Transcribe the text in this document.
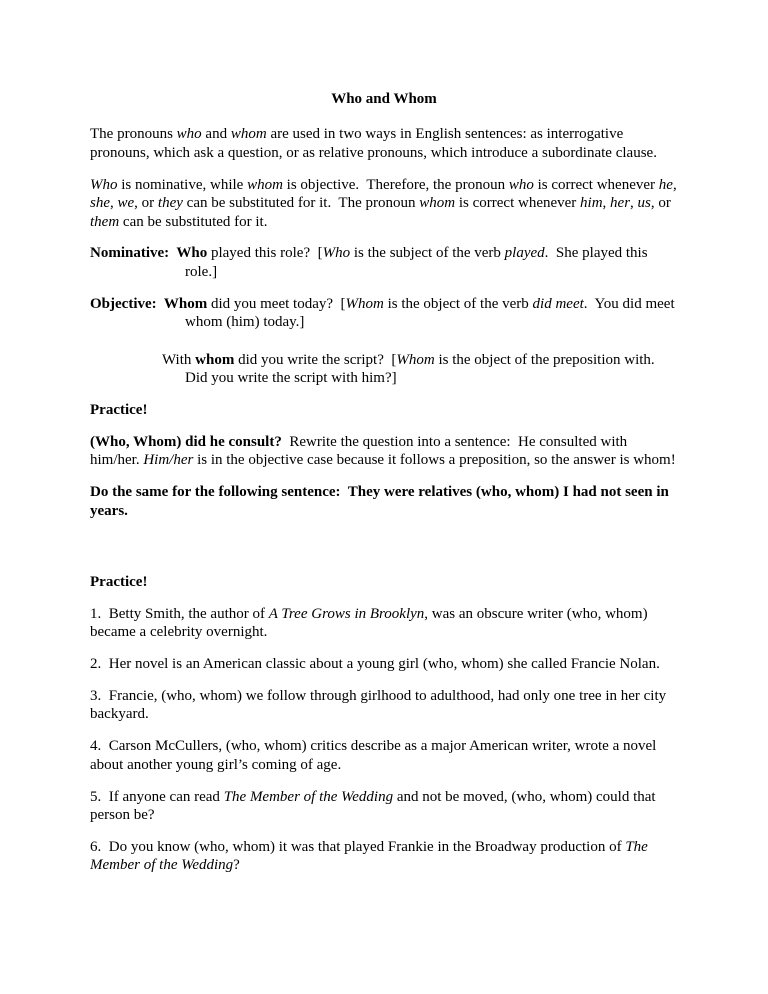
Who and Whom

The pronouns who and whom are used in two ways in English sentences: as interrogative pronouns, which ask a question, or as relative pronouns, which introduce a subordinate clause.

Who is nominative, while whom is objective.  Therefore, the pronoun who is correct whenever he, she, we, or they can be substituted for it.  The pronoun whom is correct whenever him, her, us, or them can be substituted for it.

Nominative:  Who played this role?  [Who is the subject of the verb played.  She played this role.]

Objective:  Whom did you meet today?  [Whom is the object of the verb did meet.  You did meet whom (him) today.]

With whom did you write the script?  [Whom is the object of the preposition with. Did you write the script with him?]

Practice!

(Who, Whom) did he consult?  Rewrite the question into a sentence:  He consulted with him/her. Him/her is in the objective case because it follows a preposition, so the answer is whom!

Do the same for the following sentence:  They were relatives (who, whom) I had not seen in years.

Practice!

1.  Betty Smith, the author of A Tree Grows in Brooklyn, was an obscure writer (who, whom) became a celebrity overnight.

2.  Her novel is an American classic about a young girl (who, whom) she called Francie Nolan.

3.  Francie, (who, whom) we follow through girlhood to adulthood, had only one tree in her city backyard.

4.  Carson McCullers, (who, whom) critics describe as a major American writer, wrote a novel about another young girl’s coming of age.

5.  If anyone can read The Member of the Wedding and not be moved, (who, whom) could that person be?

6.  Do you know (who, whom) it was that played Frankie in the Broadway production of The Member of the Wedding?
